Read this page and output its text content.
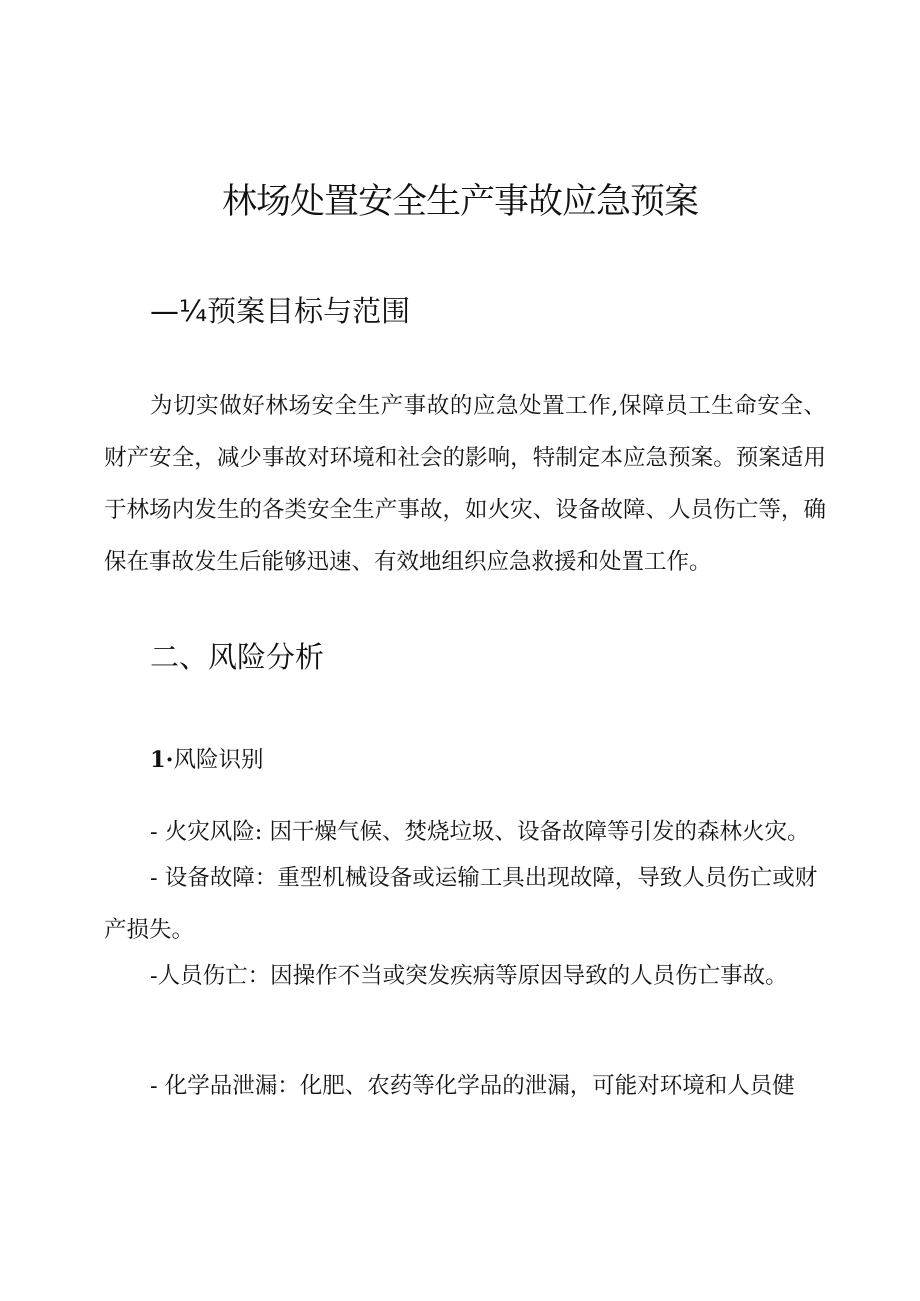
林场处置安全生产事故应急预案
—¼预案目标与范围

为切实做好林场安全生产事故的应急处置工作,保障员工生命安全、财产安全，减少事故对环境和社会的影响，特制定本应急预案。预案适用于林场内发生的各类安全生产事故，如火灾、设备故障、人员伤亡等，确保在事故发生后能够迅速、有效地组织应急救援和处置工作。

二、风险分析

1·风险识别

- 火灾风险: 因干燥气候、焚烧垃圾、设备故障等引发的森林火灾。

- 设备故障：重型机械设备或运输工具出现故障，导致人员伤亡或财产损失。

-人员伤亡：因操作不当或突发疾病等原因导致的人员伤亡事故。

- 化学品泄漏：化肥、农药等化学品的泄漏，可能对环境和人员健
